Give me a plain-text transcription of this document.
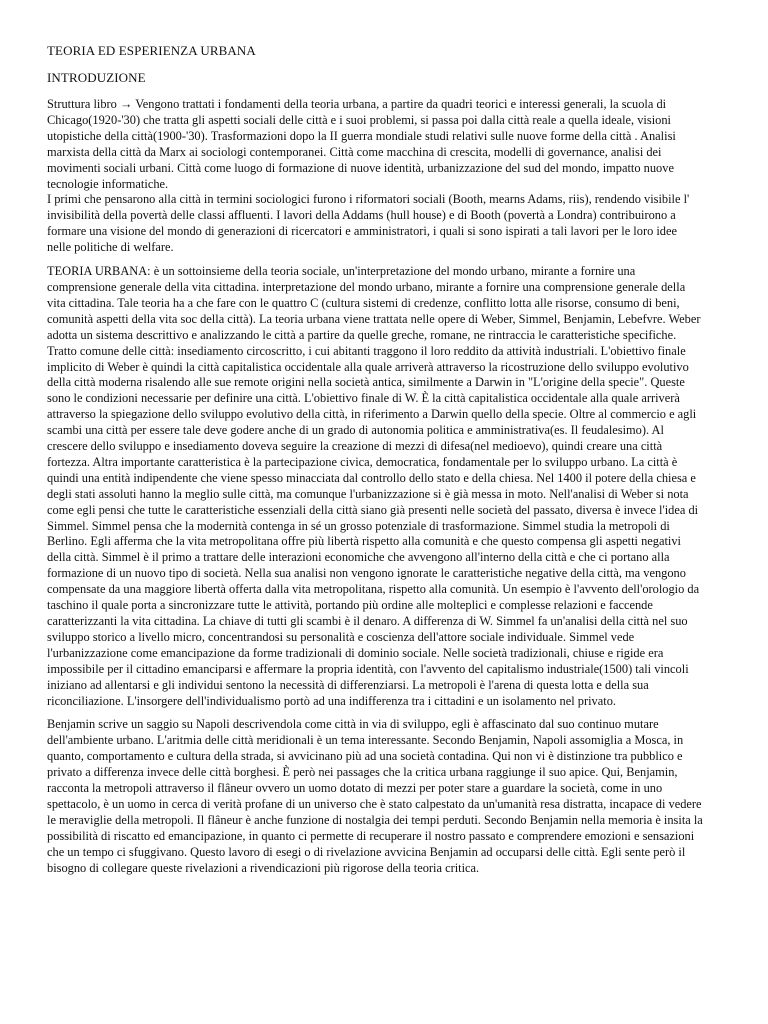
TEORIA ED ESPERIENZA URBANA
INTRODUZIONE

Struttura libro → Vengono trattati i fondamenti della teoria urbana, a partire da quadri teorici e interessi generali, la scuola di Chicago(1920-'30) che tratta gli aspetti sociali delle città e i suoi problemi, si passa poi dalla città reale a quella ideale, visioni utopistiche della città(1900-'30). Trasformazioni dopo la II guerra mondiale studi relativi sulle nuove forme della città . Analisi marxista della città da Marx ai sociologi contemporanei. Città come macchina di crescita, modelli di governance, analisi dei movimenti sociali urbani. Città come luogo di formazione di nuove identità, urbanizzazione del sud del mondo, impatto nuove tecnologie informatiche.

I primi che pensarono alla città in termini sociologici furono i riformatori sociali (Booth, mearns Adams, riis), rendendo visibile l' invisibilità della povertà delle classi affluenti. I lavori della Addams (hull house) e di Booth (povertà a Londra) contribuirono a formare una visione del mondo di generazioni di ricercatori e amministratori, i quali si sono ispirati a tali lavori per le loro idee nelle politiche di welfare.

TEORIA URBANA: è un sottoinsieme della teoria sociale, un'interpretazione del mondo urbano, mirante a fornire una comprensione generale della vita cittadina. interpretazione del mondo urbano, mirante a fornire una comprensione generale della vita cittadina. Tale teoria ha a che fare con le quattro C (cultura sistemi di credenze, conflitto lotta alle risorse, consumo di beni, comunità aspetti della vita soc della città). La teoria urbana viene trattata nelle opere di Weber, Simmel, Benjamin, Lebefvre. Weber adotta un sistema descrittivo e analizzando le città a partire da quelle greche, romane, ne rintraccia le caratteristiche specifiche. Tratto comune delle città: insediamento circoscritto, i cui abitanti traggono il loro reddito da attività industriali. L'obiettivo finale implicito di Weber è quindi la città capitalistica occidentale alla quale arriverà attraverso la ricostruzione dello sviluppo evolutivo della città moderna risalendo alle sue remote origini nella società antica, similmente a Darwin in "L'origine della specie". Queste sono le condizioni necessarie per definire una città. L'obiettivo finale di W. È la città capitalistica occidentale alla quale arriverà attraverso la spiegazione dello sviluppo evolutivo della città, in riferimento a Darwin quello della specie. Oltre al commercio e agli scambi una città per essere tale deve godere anche di un grado di autonomia politica e amministrativa(es. Il feudalesimo). Al crescere dello sviluppo e insediamento doveva seguire la creazione di mezzi di difesa(nel medioevo), quindi creare una città fortezza. Altra importante caratteristica è la partecipazione civica, democratica, fondamentale per lo sviluppo urbano. La città è quindi una entità indipendente che viene spesso minacciata dal controllo dello stato e della chiesa. Nel 1400 il potere della chiesa e degli stati assoluti hanno la meglio sulle città, ma comunque l'urbanizzazione si è già messa in moto. Nell'analisi di Weber si nota come egli pensi che tutte le caratteristiche essenziali della città siano già presenti nelle società del passato, diversa è invece l'idea di Simmel. Simmel pensa che la modernità contenga in sé un grosso potenziale di trasformazione. Simmel studia la metropoli di Berlino. Egli afferma che la vita metropolitana offre più libertà rispetto alla comunità e che questo compensa gli aspetti negativi della città. Simmel è il primo a trattare delle interazioni economiche che avvengono all'interno della città e che ci portano alla formazione di un nuovo tipo di società. Nella sua analisi non vengono ignorate le caratteristiche negative della città, ma vengono compensate da una maggiore libertà offerta dalla vita metropolitana, rispetto alla comunità. Un esempio è l'avvento dell'orologio da taschino il quale porta a sincronizzare tutte le attività, portando più ordine alle molteplici e complesse relazioni e faccende caratterizzanti la vita cittadina. La chiave di tutti gli scambi è il denaro. A differenza di W. Simmel fa un'analisi della città nel suo sviluppo storico a livello micro, concentrandosi su personalità e coscienza dell'attore sociale individuale. Simmel vede l'urbanizzazione come emancipazione da forme tradizionali di dominio sociale. Nelle società tradizionali, chiuse e rigide era impossibile per il cittadino emanciparsi e affermare la propria identità, con l'avvento del capitalismo industriale(1500) tali vincoli iniziano ad allentarsi e gli individui sentono la necessità di differenziarsi. La metropoli è l'arena di questa lotta e della sua riconciliazione. L'insorgere dell'individualismo portò ad una indifferenza tra i cittadini e un isolamento nel privato.

Benjamin scrive un saggio su Napoli descrivendola come città in via di sviluppo, egli è affascinato dal suo continuo mutare dell'ambiente urbano. L'aritmia delle città meridionali è un tema interessante. Secondo Benjamin, Napoli assomiglia a Mosca, in quanto, comportamento e cultura della strada, si avvicinano più ad una società contadina. Qui non vi è distinzione tra pubblico e privato a differenza invece delle città borghesi. È però nei passages che la critica urbana raggiunge il suo apice. Qui, Benjamin, racconta la metropoli attraverso il flâneur ovvero un uomo dotato di mezzi per poter stare a guardare la società, come in uno spettacolo, è un uomo in cerca di verità profane di un universo che è stato calpestato da un'umanità resa distratta, incapace di vedere le meraviglie della metropoli. Il flâneur è anche funzione di nostalgia dei tempi perduti. Secondo Benjamin nella memoria è insita la possibilità di riscatto ed emancipazione, in quanto ci permette di recuperare il nostro passato e comprendere emozioni e sensazioni che un tempo ci sfuggivano. Questo lavoro di esegi o di rivelazione avvicina Benjamin ad occuparsi delle città. Egli sente però il bisogno di collegare queste rivelazioni a rivendicazioni più rigorose della teoria critica.
